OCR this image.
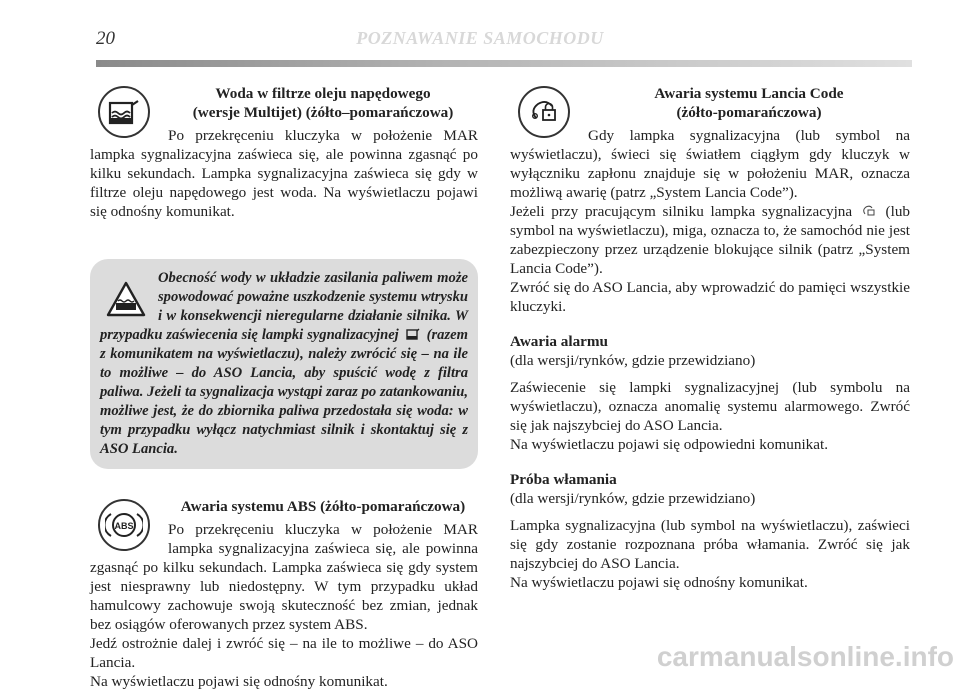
20	POZNAWANIE SAMOCHODU

Woda w filtrze oleju napędowego
(wersje Multijet) (żółto–pomarańczowa)

Po przekręceniu kluczyka w położenie MAR lampka sygnalizacyjna zaświeca się, ale powinna zgasnąć po kilku sekundach. Lampka sygnalizacyjna zaświeca się gdy w filtrze oleju napędowego jest woda. Na wyświetlaczu pojawi się odnośny komunikat.

Obecność wody w układzie zasilania paliwem może spowodować poważne uszkodzenie systemu wtrysku i w konsekwencji nieregularne działanie silnika. W przypadku zaświecenia się lampki sygnalizacyjnej (razem z komunikatem na wyświetlaczu), należy zwrócić się – na ile to możliwe – do ASO Lancia, aby spuścić wodę z filtra paliwa. Jeżeli ta sygnalizacja wystąpi zaraz po zatankowaniu, możliwe jest, że do zbiornika paliwa przedostała się woda: w tym przypadku wyłącz natychmiast silnik i skontaktuj się z ASO Lancia.
ABS

Awaria systemu ABS (żółto-pomarańczowa)

Po przekręceniu kluczyka w położenie MAR lampka sygnalizacyjna zaświeca się, ale powinna zgasnąć po kilku sekundach. Lampka zaświeca się gdy system jest niesprawny lub niedostępny. W tym przypadku układ hamulcowy zachowuje swoją skuteczność bez zmian, jednak bez osiągów oferowanych przez system ABS.
Jedź ostrożnie dalej i zwróć się – na ile to możliwe – do ASO Lancia.
Na wyświetlaczu pojawi się odnośny komunikat.

Awaria systemu Lancia Code
(żółto-pomarańczowa)

Gdy lampka sygnalizacyjna (lub symbol na wyświetlaczu), świeci się światłem ciągłym gdy kluczyk w wyłączniku zapłonu znajduje się w położeniu MAR, oznacza możliwą awarię (patrz „System Lancia Code”).
Jeżeli przy pracującym silniku lampka sygnalizacyjna (lub symbol na wyświetlaczu), miga, oznacza to, że samochód nie jest zabezpieczony przez urządzenie blokujące silnik (patrz „System Lancia Code”).
Zwróć się do ASO Lancia, aby wprowadzić do pamięci wszystkie kluczyki.

Awaria alarmu

(dla wersji/rynków, gdzie przewidziano)

Zaświecenie się lampki sygnalizacyjnej (lub symbolu na wyświetlaczu), oznacza anomalię systemu alarmowego. Zwróć się jak najszybciej do ASO Lancia.
Na wyświetlaczu pojawi się odpowiedni komunikat.

Próba włamania

(dla wersji/rynków, gdzie przewidziano)

Lampka sygnalizacyjna (lub symbol na wyświetlaczu), zaświeci się gdy zostanie rozpoznana próba włamania. Zwróć się jak najszybciej do ASO Lancia.
Na wyświetlaczu pojawi się odnośny komunikat.

carmanualsonline.info
